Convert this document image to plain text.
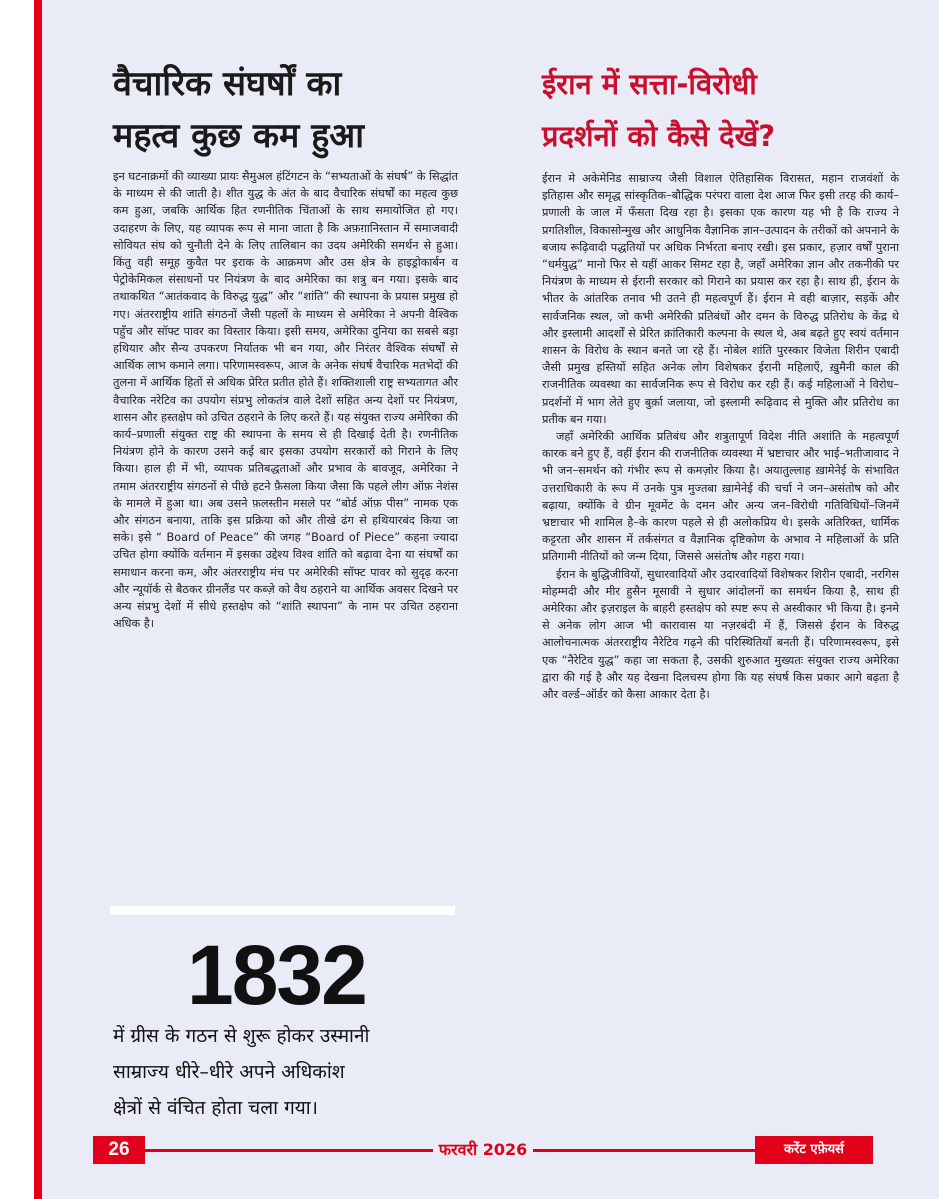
वैचारिक संघर्षों का
महत्व कुछ कम हुआ

इन घटनाक्रमों की व्याख्या प्रायः सैमुअल हंटिंगटन के “सभ्यताओं के संघर्ष” के सिद्धांत के माध्यम से की जाती है। शीत युद्ध के अंत के बाद वैचारिक संघर्षों का महत्व कुछ कम हुआ, जबकि आर्थिक हित रणनीतिक चिंताओं के साथ समायोजित हो गए। उदाहरण के लिए, यह व्यापक रूप से माना जाता है कि अफ़ग़ानिस्तान में समाजवादी सोवियत संघ को चुनौती देने के लिए तालिबान का उदय अमेरिकी समर्थन से हुआ। किंतु वही समूह कुवैत पर इराक के आक्रमण और उस क्षेत्र के हाइड्रोकार्बन व पेट्रोकेमिकल संसाधनों पर नियंत्रण के बाद अमेरिका का शत्रु बन गया। इसके बाद तथाकथित “आतंकवाद के विरुद्ध युद्ध” और “शांति” की स्थापना के प्रयास प्रमुख हो गए। अंतरराष्ट्रीय शांति संगठनों जैसी पहलों के माध्यम से अमेरिका ने अपनी वैश्विक पहुँच और सॉफ्ट पावर का विस्तार किया। इसी समय, अमेरिका दुनिया का सबसे बड़ा हथियार और सैन्य उपकरण निर्यातक भी बन गया, और निरंतर वैश्विक संघर्षों से आर्थिक लाभ कमाने लगा। परिणामस्वरूप, आज के अनेक संघर्ष वैचारिक मतभेदों की तुलना में आर्थिक हितों से अधिक प्रेरित प्रतीत होते हैं। शक्तिशाली राष्ट्र सभ्यतागत और वैचारिक नरेटिव का उपयोग संप्रभु लोकतंत्र वाले देशों सहित अन्य देशों पर नियंत्रण, शासन और हस्तक्षेप को उचित ठहराने के लिए करते हैं। यह संयुक्त राज्य अमेरिका की कार्य–प्रणाली संयुक्त राष्ट्र की स्थापना के समय से ही दिखाई देती है। रणनीतिक नियंत्रण होने के कारण उसने कई बार इसका उपयोग सरकारों को गिराने के लिए किया। हाल ही में भी, व्यापक प्रतिबद्धताओं और प्रभाव के बावजूद, अमेरिका ने तमाम अंतरराष्ट्रीय संगठनों से पीछे हटने फ़ैसला किया जैसा कि पहले लीग ऑफ़ नेशंस के मामले में हुआ था। अब उसने फ़लस्तीन मसले पर “बोर्ड ऑफ़ पीस” नामक एक और संगठन बनाया, ताकि इस प्रक्रिया को और तीखे ढंग से हथियारबंद किया जा सके। इसे “ Board of Peace” की जगह “Board of Piece” कहना ज्यादा उचित होगा क्योंकि वर्तमान में इसका उद्देश्य विश्व शांति को बढ़ावा देना या संघर्षों का समाधान करना कम, और अंतरराष्ट्रीय मंच पर अमेरिकी सॉफ्ट पावर को सुदृढ़ करना और न्यूयॉर्क से बैठकर ग्रीनलैंड पर कब्ज़े को वैध ठहराने या आर्थिक अवसर दिखने पर अन्य संप्रभु देशों में सीधे हस्तक्षेप को “शांति स्थापना” के नाम पर उचित ठहराना अधिक है।

ईरान में सत्ता-विरोधी
प्रदर्शनों को कैसे देखें?

ईरान मे अकेमेनिड साम्राज्य जैसी विशाल ऐतिहासिक विरासत, महान राजवंशों के इतिहास और समृद्ध सांस्कृतिक–बौद्धिक परंपरा वाला देश आज फिर इसी तरह की कार्य–प्रणाली के जाल में फँसता दिख रहा है। इसका एक कारण यह भी है कि राज्य ने प्रगतिशील, विकासोन्मुख और आधुनिक वैज्ञानिक ज्ञान–उत्पादन के तरीकों को अपनाने के बजाय रूढ़िवादी पद्धतियों पर अधिक निर्भरता बनाए रखी। इस प्रकार, हज़ार वर्षों पुराना “धर्मयुद्ध” मानो फिर से यहीं आकर सिमट रहा है, जहाँ अमेरिका ज्ञान और तकनीकी पर नियंत्रण के माध्यम से ईरानी सरकार को गिराने का प्रयास कर रहा है। साथ ही, ईरान के भीतर के आंतरिक तनाव भी उतने ही महत्वपूर्ण हैं। ईरान मे वही बाज़ार, सड़कें और सार्वजनिक स्थल, जो कभी अमेरिकी प्रतिबंधों और दमन के विरुद्ध प्रतिरोध के केंद्र थे और इस्लामी आदर्शों से प्रेरित क्रांतिकारी कल्पना के स्थल थे, अब बढ़ते हुए स्वयं वर्तमान शासन के विरोध के स्थान बनते जा रहे हैं। नोबेल शांति पुरस्कार विजेता शिरीन एबादी जैसी प्रमुख हस्तियों सहित अनेक लोग विशेषकर ईरानी महिलाएँ, ख़ुमैनी काल की राजनीतिक व्यवस्था का सार्वजनिक रूप से विरोध कर रही हैं। कई महिलाओं ने विरोध–प्रदर्शनों में भाग लेते हुए बुर्क़ा जलाया, जो इस्लामी रूढ़िवाद से मुक्ति और प्रतिरोध का प्रतीक बन गया।

जहाँ अमेरिकी आर्थिक प्रतिबंध और शत्रुतापूर्ण विदेश नीति अशांति के महत्वपूर्ण कारक बने हुए हैं, वहीं ईरान की राजनीतिक व्यवस्था में भ्रष्टाचार और भाई–भतीजावाद ने भी जन–समर्थन को गंभीर रूप से कमज़ोर किया है। अयातुल्लाह ख़ामेनेई के संभावित उत्तराधिकारी के रूप में उनके पुत्र मुज्तबा ख़ामेनेई की चर्चा ने जन–असंतोष को और बढ़ाया, क्योंकि वे ग्रीन मूवमेंट के दमन और अन्य जन–विरोधी गतिविधियों–जिनमें भ्रष्टाचार भी शामिल है–के कारण पहले से ही अलोकप्रिय थे। इसके अतिरिक्त, धार्मिक कट्टरता और शासन में तर्कसंगत व वैज्ञानिक दृष्टिकोण के अभाव ने महिलाओं के प्रति प्रतिगामी नीतियों को जन्म दिया, जिससे असंतोष और गहरा गया।

ईरान के बुद्धिजीवियों, सुधारवादियों और उदारवादियों विशेषकर शिरीन एबादी, नरगिस मोहम्मदी और मीर हुसैन मूसावी ने सुधार आंदोलनों का समर्थन किया है, साथ ही अमेरिका और इज़राइल के बाहरी हस्तक्षेप को स्पष्ट रूप से अस्वीकार भी किया है। इनमे से अनेक लोग आज भी कारावास या नज़रबंदी में हैं, जिससे ईरान के विरुद्ध आलोचनात्मक अंतरराष्ट्रीय नैरेटिव गढ़ने की परिस्थितियाँ बनती हैं। परिणामस्वरूप, इसे एक “नैरेटिव युद्ध” कहा जा सकता है, उसकी शुरुआत मुख्यतः संयुक्त राज्य अमेरिका द्वारा की गई है और यह देखना दिलचस्प होगा कि यह संघर्ष किस प्रकार आगे बढ़ता है और वर्ल्ड–ऑर्डर को कैसा आकार देता है।

1832
में ग्रीस के गठन से शुरू होकर उस्मानी
साम्राज्य धीरे–धीरे अपने अधिकांश
क्षेत्रों से वंचित होता चला गया।
26	फरवरी 2026	करेंट एफ़ेयर्स
